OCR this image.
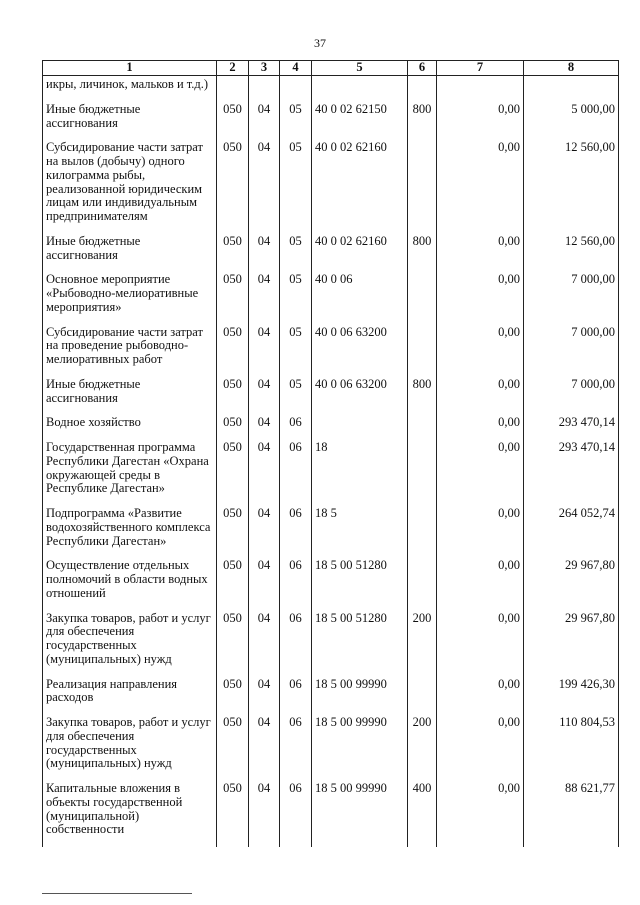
37
1	2	3	4	5	6	7	8
икры, личинок, мальков и т.д.)							

Иные бюджетные ассигнования	050	04	05	40 0 02 62150	800	0,00	5 000,00

Субсидирование части затрат на вылов (добычу) одного килограмма рыбы, реализованной юридическим лицам или индивидуальным предпринимателям	050	04	05	40 0 02 62160		0,00	12 560,00

Иные бюджетные ассигнования	050	04	05	40 0 02 62160	800	0,00	12 560,00

Основное мероприятие «Рыбоводно-мелиоративные мероприятия»	050	04	05	40 0 06		0,00	7 000,00

Субсидирование части затрат на проведение рыбоводно-мелиоративных работ	050	04	05	40 0 06 63200		0,00	7 000,00

Иные бюджетные ассигнования	050	04	05	40 0 06 63200	800	0,00	7 000,00

Водное хозяйство	050	04	06			0,00	293 470,14

Государственная программа Республики Дагестан «Охрана окружающей среды в Республике Дагестан»	050	04	06	18		0,00	293 470,14

Подпрограмма «Развитие водохозяйственного комплекса Республики Дагестан»	050	04	06	18 5		0,00	264 052,74

Осуществление отдельных полномочий в области водных отношений	050	04	06	18 5 00 51280		0,00	29 967,80

Закупка товаров, работ и услуг для обеспечения государственных (муниципальных) нужд	050	04	06	18 5 00 51280	200	0,00	29 967,80

Реализация направления расходов	050	04	06	18 5 00 99990		0,00	199 426,30

Закупка товаров, работ и услуг для обеспечения государственных (муниципальных) нужд	050	04	06	18 5 00 99990	200	0,00	110 804,53

Капитальные вложения в объекты государственной (муниципальной) собственности	050	04	06	18 5 00 99990	400	0,00	88 621,77
